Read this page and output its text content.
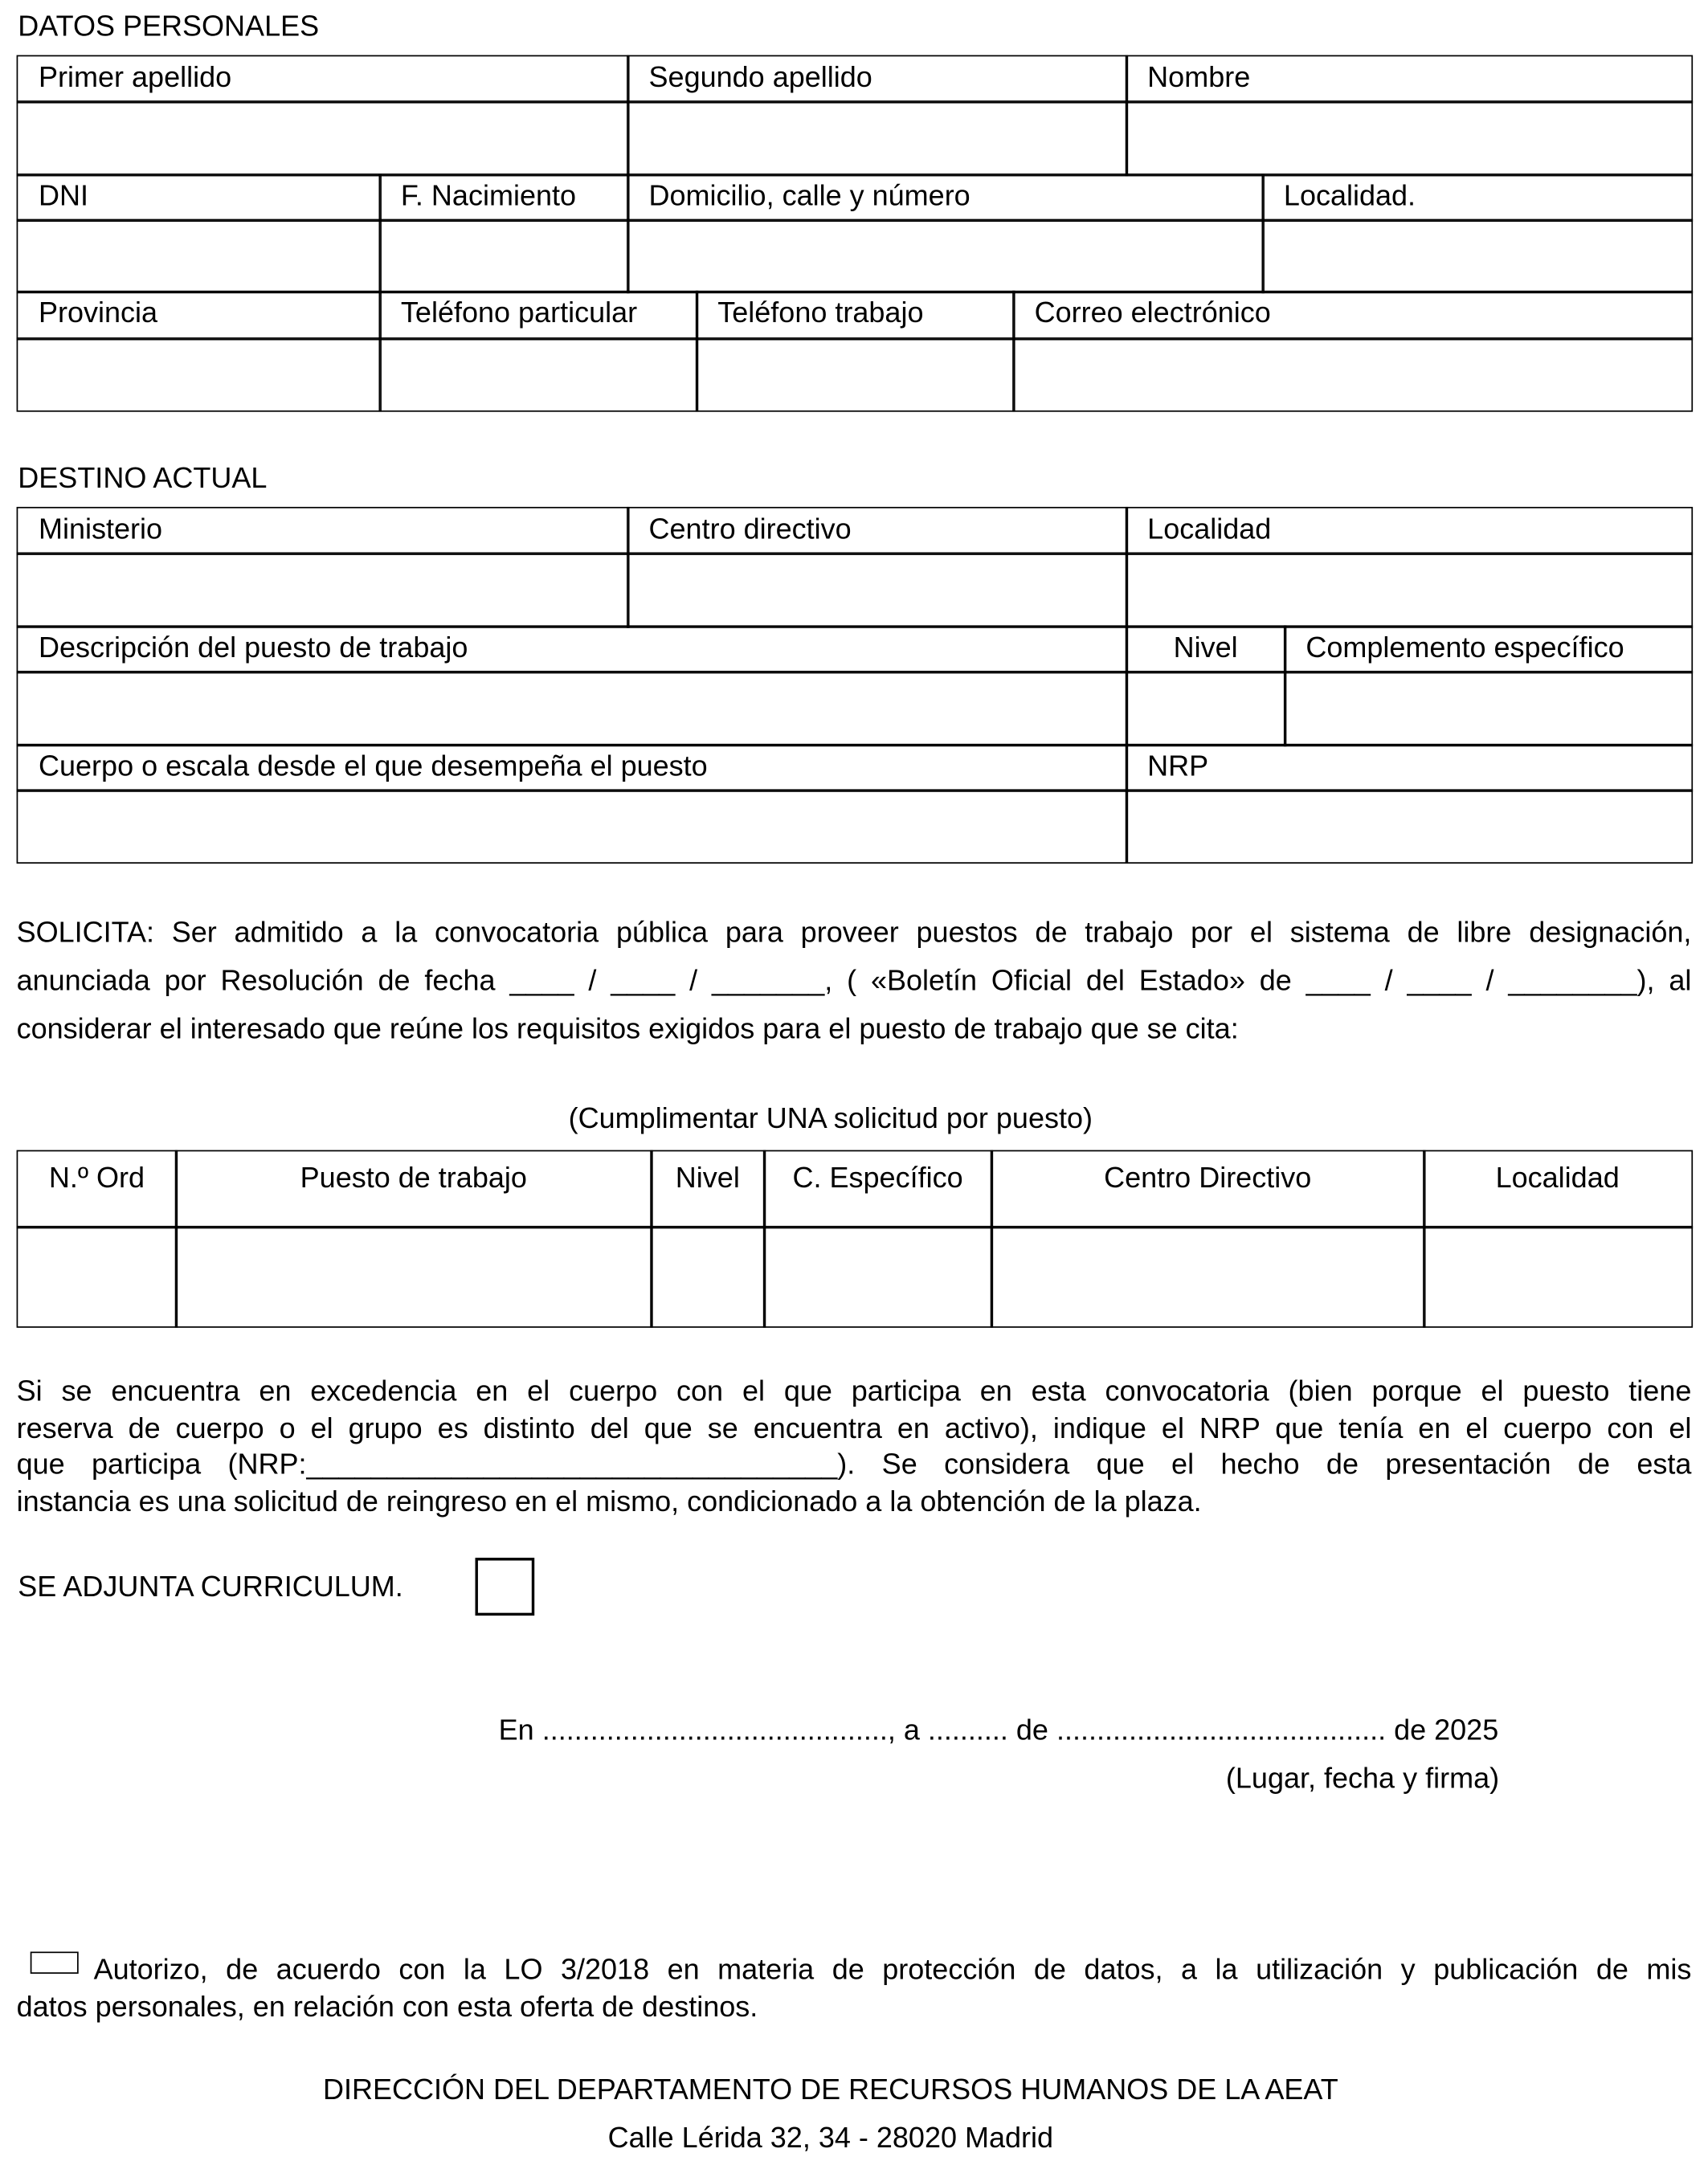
DATOS PERSONALES
Primer apellido	Segundo apellido	Nombre
DNI	F. Nacimiento	Domicilio, calle y número	Localidad.
Provincia	Teléfono particular	Teléfono trabajo	Correo electrónico
DESTINO ACTUAL
Ministerio	Centro directivo	Localidad
Descripción del puesto de trabajo	Nivel	Complemento específico
Cuerpo o escala desde el que desempeña el puesto	NRP
SOLICITA: Ser admitido a la convocatoria pública para proveer puestos de trabajo por el sistema de libre designación,
anunciada por Resolución de fecha ____ / ____ / _______, ( «Boletín Oficial del Estado» de ____ / ____ / ________), al
considerar el interesado que reúne los requisitos exigidos para el puesto de trabajo que se cita:
(Cumplimentar UNA solicitud por puesto)
N.º Ord	Puesto de trabajo	Nivel	C. Específico	Centro Directivo	Localidad
Si se encuentra en excedencia en el cuerpo con el que participa en esta convocatoria (bien porque el puesto tiene
reserva de cuerpo o el grupo es distinto del que se encuentra en activo), indique el NRP que tenía en el cuerpo con el
que participa (NRP:_________________________________). Se considera que el hecho de presentación de esta
instancia es una solicitud de reingreso en el mismo, condicionado a la obtención de la plaza.
SE ADJUNTA CURRICULUM.
En ..........................................., a .......... de ......................................... de 2025
(Lugar, fecha y firma)
Autorizo, de acuerdo con la LO 3/2018 en materia de protección de datos, a la utilización y publicación de mis
datos personales, en relación con esta oferta de destinos.
DIRECCIÓN DEL DEPARTAMENTO DE RECURSOS HUMANOS DE LA AEAT
Calle Lérida 32, 34 - 28020 Madrid
